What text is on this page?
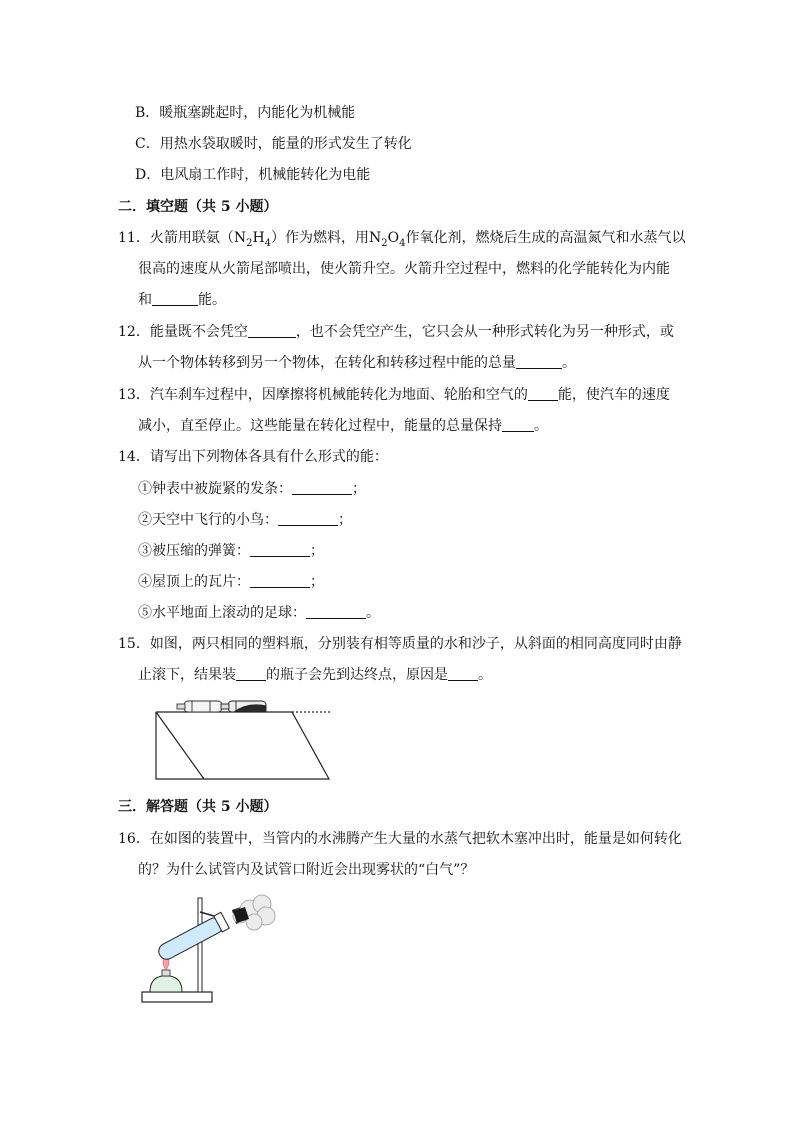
B．暖瓶塞跳起时，内能化为机械能
C．用热水袋取暖时，能量的形式发生了转化
D．电风扇工作时，机械能转化为电能
二．填空题（共 5 小题）
11．火箭用联氨$(N_2H_4)$作为燃料，用$N_2O_4$作氧化剂，燃烧后生成的高温氮气和水蒸气以
很高的速度从火箭尾部喷出，使火箭升空。火箭升空过程中，燃料的化学能转化为内能
和	能。
12．能量既不会凭空	，也不会凭空产生，它只会从一种形式转化为另一种形式，或
从一个物体转移到另一个物体，在转化和转移过程中能的总量	。
13．汽车刹车过程中，因摩擦将机械能转化为地面、轮胎和空气的 能，使汽车的速度
减小，直至停止。这些能量在转化过程中，能量的总量保持 。
14．请写出下列物体各具有什么形式的能：
①钟表中被旋紧的发条：	；
②天空中飞行的小鸟：	；
③被压缩的弹簧：	；
④屋顶上的瓦片：	；
⑤水平地面上滚动的足球：	。
15．如图，两只相同的塑料瓶，分别装有相等质量的水和沙子，从斜面的相同高度同时由静
止滚下，结果装 的瓶子会先到达终点，原因是 。
三．解答题（共 5 小题）
16．在如图的装置中，当管内的水沸腾产生大量的水蒸气把软木塞冲出时，能量是如何转化
的？为什么试管内及试管口附近会出现雾状的“白气”？
